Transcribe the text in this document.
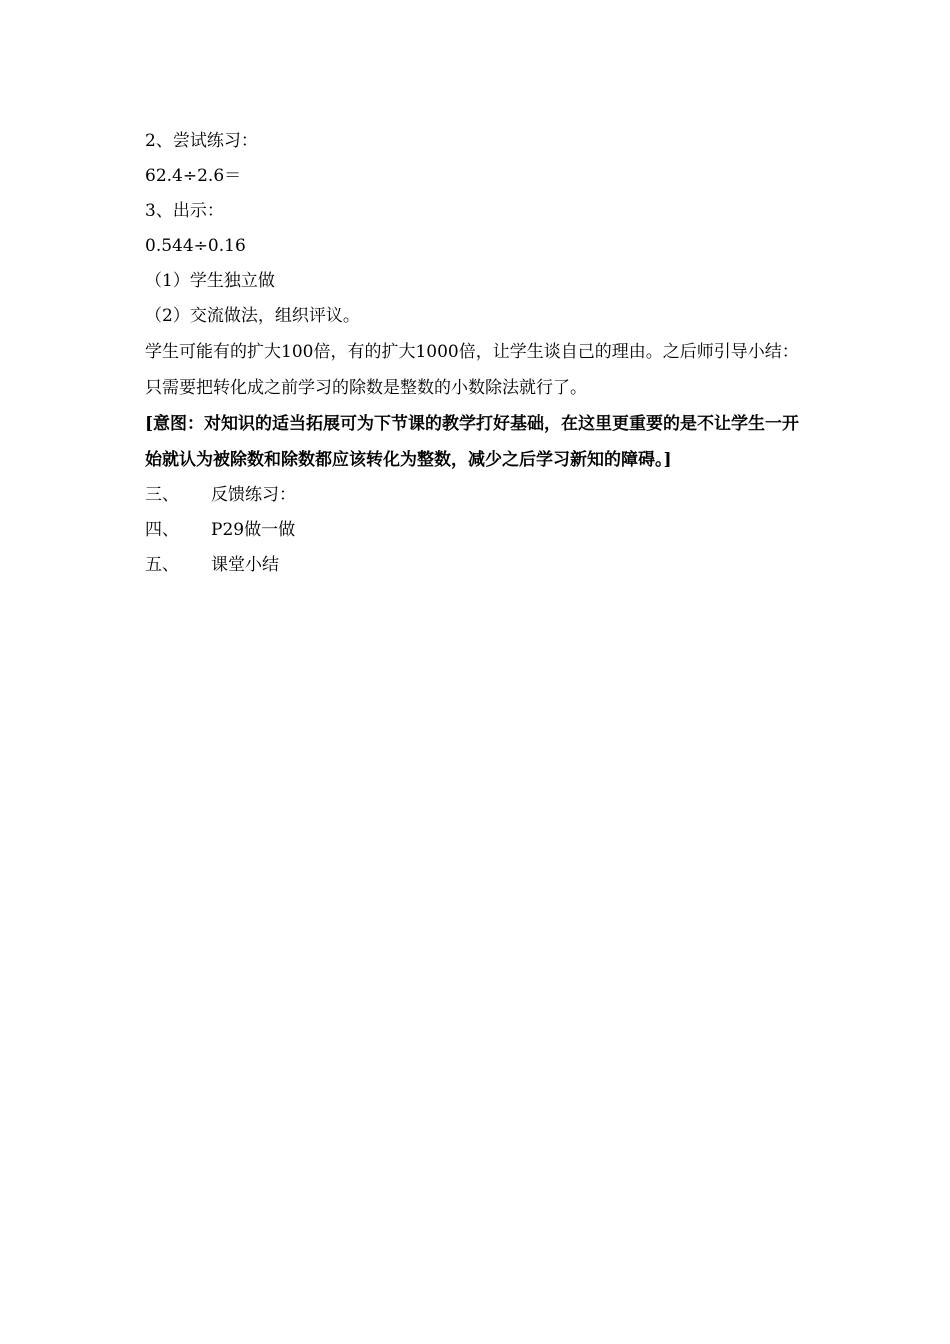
2、尝试练习：
62.4÷2.6＝
3、出示：
0.544÷0.16
（1）学生独立做
（2）交流做法，组织评议。
学生可能有的扩大100倍，有的扩大1000倍，让学生谈自己的理由。之后师引导小结：只需要把转化成之前学习的除数是整数的小数除法就行了。
[意图：对知识的适当拓展可为下节课的教学打好基础，在这里更重要的是不让学生一开始就认为被除数和除数都应该转化为整数，减少之后学习新知的障碍。]
三、 反馈练习：
四、 P29做一做
五、 课堂小结
